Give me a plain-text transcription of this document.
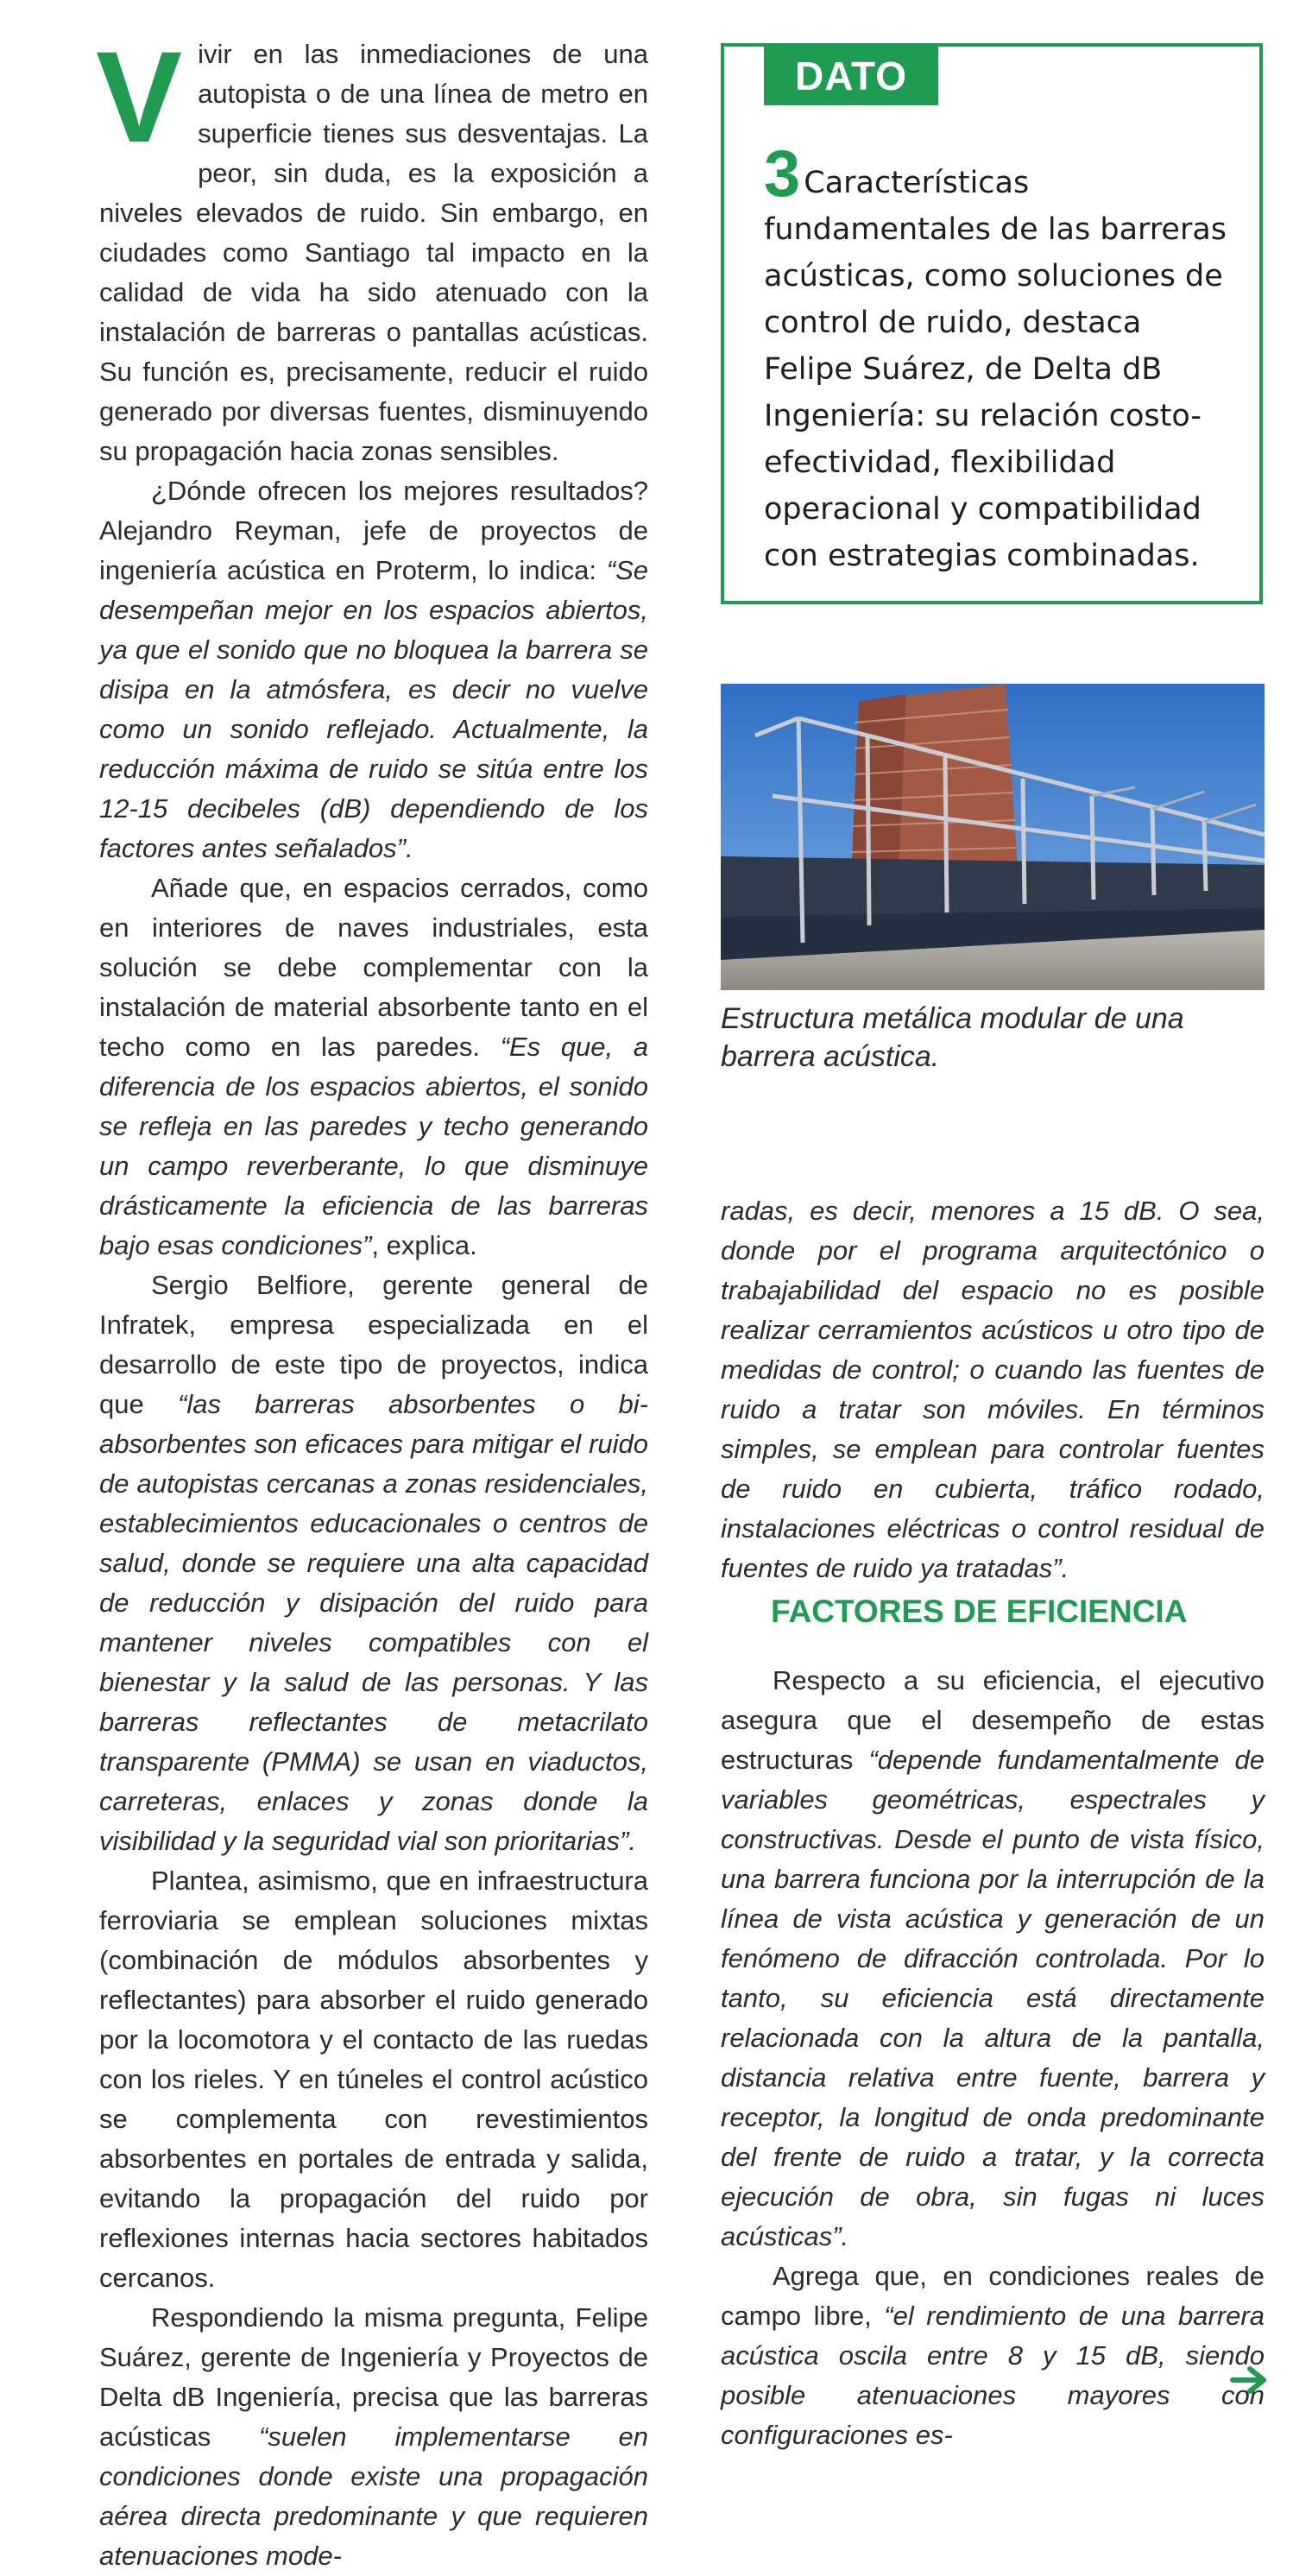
Vivir en las inmediaciones de una autopista o de una línea de metro en superficie tienes sus desventajas. La peor, sin duda, es la exposición a niveles elevados de ruido. Sin embargo, en ciudades como Santiago tal impacto en la calidad de vida ha sido atenuado con la instalación de barreras o pantallas acústicas. Su función es, precisamente, reducir el ruido generado por diversas fuentes, disminuyendo su propagación hacia zonas sensibles.

¿Dónde ofrecen los mejores resultados? Alejandro Reyman, jefe de proyectos de ingeniería acústica en Proterm, lo indica: “Se desempeñan mejor en los espacios abiertos, ya que el sonido que no bloquea la barrera se disipa en la atmósfera, es decir no vuelve como un sonido reflejado. Actualmente, la reducción máxima de ruido se sitúa entre los 12-15 decibeles (dB) dependiendo de los factores antes señalados”.

Añade que, en espacios cerrados, como en interiores de naves industriales, esta solución se debe complementar con la instalación de material absorbente tanto en el techo como en las paredes. “Es que, a diferencia de los espacios abiertos, el sonido se refleja en las paredes y techo generando un campo reverberante, lo que disminuye drásticamente la eficiencia de las barreras bajo esas condiciones”, explica.

Sergio Belfiore, gerente general de Infratek, empresa especializada en el desarrollo de este tipo de proyectos, indica que “las barreras absorbentes o bi-absorbentes son eficaces para mitigar el ruido de autopistas cercanas a zonas residenciales, establecimientos educacionales o centros de salud, donde se requiere una alta capacidad de reducción y disipación del ruido para mantener niveles compatibles con el bienestar y la salud de las personas. Y las barreras reflectantes de metacrilato transparente (PMMA) se usan en viaductos, carreteras, enlaces y zonas donde la visibilidad y la seguridad vial son prioritarias”.

Plantea, asimismo, que en infraestructura ferroviaria se emplean soluciones mixtas (combinación de módulos absorbentes y reflectantes) para absorber el ruido generado por la locomotora y el contacto de las ruedas con los rieles. Y en túneles el control acústico se complementa con revestimientos absorbentes en portales de entrada y salida, evitando la propagación del ruido por reflexiones internas hacia sectores habitados cercanos.

Respondiendo la misma pregunta, Felipe Suárez, gerente de Ingeniería y Proyectos de Delta dB Ingeniería, precisa que las barreras acústicas “suelen implementarse en condiciones donde existe una propagación aérea directa predominante y que requieren atenuaciones mode-

DATO
3 Características fundamentales de las barreras acústicas, como soluciones de control de ruido, destaca Felipe Suárez, de Delta dB Ingeniería: su relación costo-efectividad, flexibilidad operacional y compatibilidad con estrategias combinadas.
Estructura metálica modular de una barrera acústica.

radas, es decir, menores a 15 dB. O sea, donde por el programa arquitectónico o trabajabilidad del espacio no es posible realizar cerramientos acústicos u otro tipo de medidas de control; o cuando las fuentes de ruido a tratar son móviles. En términos simples, se emplean para controlar fuentes de ruido en cubierta, tráfico rodado, instalaciones eléctricas o control residual de fuentes de ruido ya tratadas”.

FACTORES DE EFICIENCIA

Respecto a su eficiencia, el ejecutivo asegura que el desempeño de estas estructuras “depende fundamentalmente de variables geométricas, espectrales y constructivas. Desde el punto de vista físico, una barrera funciona por la interrupción de la línea de vista acústica y generación de un fenómeno de difracción controlada. Por lo tanto, su eficiencia está directamente relacionada con la altura de la pantalla, distancia relativa entre fuente, barrera y receptor, la longitud de onda predominante del frente de ruido a tratar, y la correcta ejecución de obra, sin fugas ni luces acústicas”.

Agrega que, en condiciones reales de campo libre, “el rendimiento de una barrera acústica oscila entre 8 y 15 dB, siendo posible atenuaciones mayores con configuraciones es-
